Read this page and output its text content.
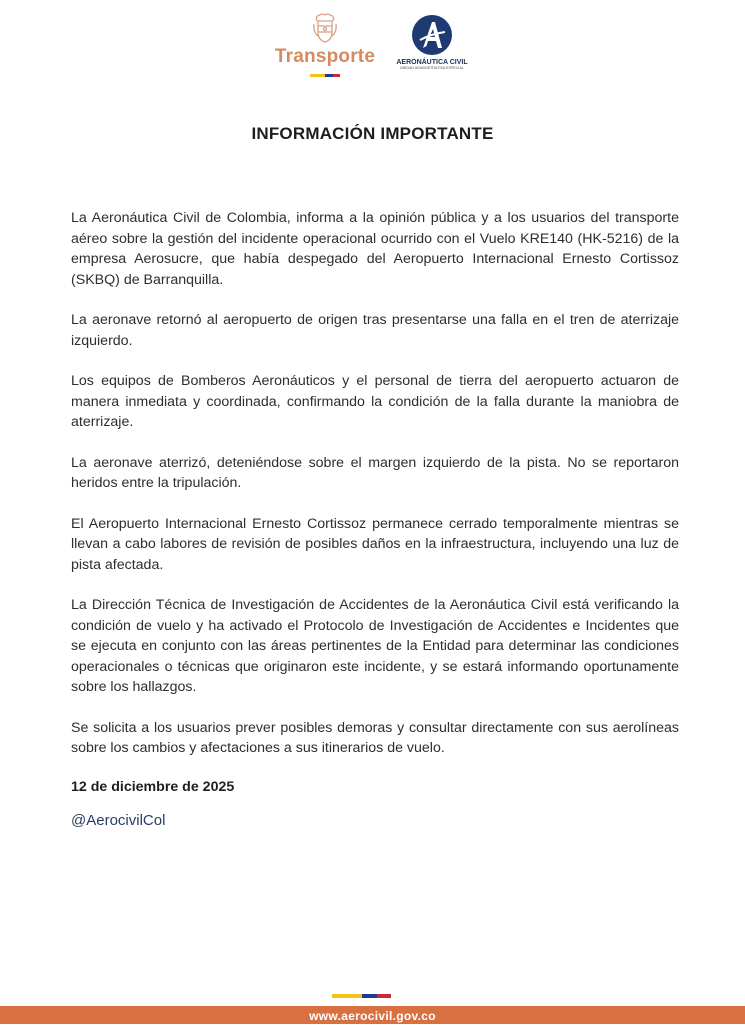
Transporte	AERONÁUTICA CIVIL
UNIDAD ADMINISTRATIVA ESPECIAL
INFORMACIÓN IMPORTANTE

La Aeronáutica Civil de Colombia, informa a la opinión pública y a los usuarios del transporte aéreo sobre la gestión del incidente operacional ocurrido con el Vuelo KRE140 (HK-5216) de la empresa Aerosucre, que había despegado del Aeropuerto Internacional Ernesto Cortissoz (SKBQ) de Barranquilla.

La aeronave retornó al aeropuerto de origen tras presentarse una falla en el tren de aterrizaje izquierdo.

Los equipos de Bomberos Aeronáuticos y el personal de tierra del aeropuerto actuaron de manera inmediata y coordinada, confirmando la condición de la falla durante la maniobra de aterrizaje.

La aeronave aterrizó, deteniéndose sobre el margen izquierdo de la pista. No se reportaron heridos entre la tripulación.

El Aeropuerto Internacional Ernesto Cortissoz permanece cerrado temporalmente mientras se llevan a cabo labores de revisión de posibles daños en la infraestructura, incluyendo una luz de pista afectada.

La Dirección Técnica de Investigación de Accidentes de la Aeronáutica Civil está verificando la condición de vuelo y ha activado el Protocolo de Investigación de Accidentes e Incidentes que se ejecuta en conjunto con las áreas pertinentes de la Entidad para determinar las condiciones operacionales o técnicas que originaron este incidente, y se estará informando oportunamente sobre los hallazgos.

Se solicita a los usuarios prever posibles demoras y consultar directamente con sus aerolíneas sobre los cambios y afectaciones a sus itinerarios de vuelo.

12 de diciembre de 2025

@AerocivilCol
www.aerocivil.gov.co
